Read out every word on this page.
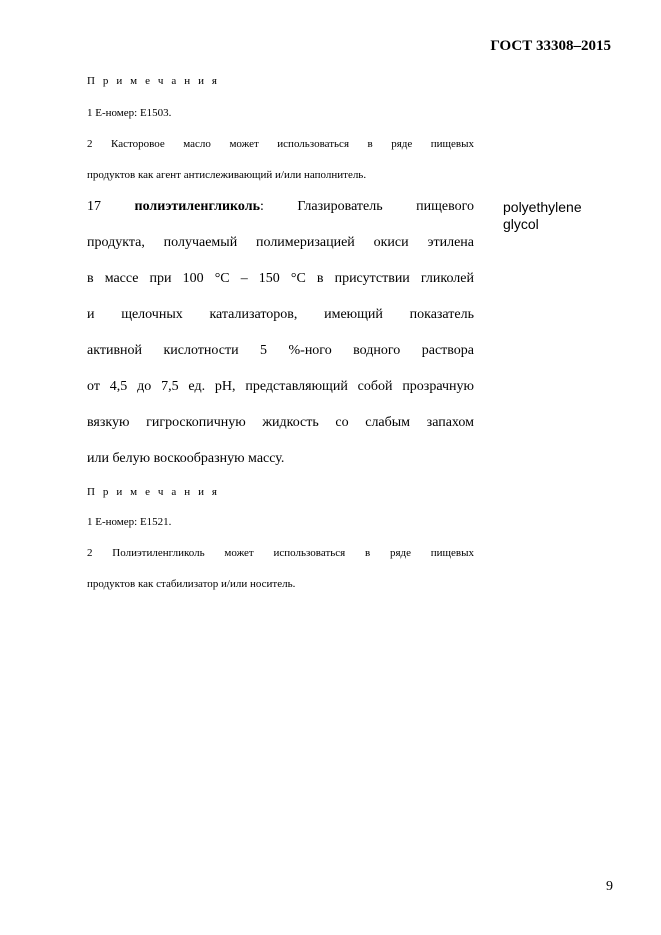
ГОСТ 33308–2015
П р и м е ч а н и я
1 Е-номер: Е1503.
2 Касторовое масло может использоваться в ряде пищевых
продуктов как агент антислеживающий и/или наполнитель.
17 полиэтиленгликоль: Глазирователь пищевого
продукта, получаемый полимеризацией окиси этилена
в массе при 100 °С – 150 °С в присутствии гликолей
и щелочных катализаторов, имеющий показатель
активной кислотности 5 %-ного водного раствора
от 4,5 до 7,5 ед. рН, представляющий собой прозрачную
вязкую гигроскопичную жидкость со слабым запахом
или белую воскообразную массу.
polyethylene glycol
П р и м е ч а н и я
1 Е-номер: Е1521.
2 Полиэтиленгликоль может использоваться в ряде пищевых
продуктов как стабилизатор и/или носитель.
9
